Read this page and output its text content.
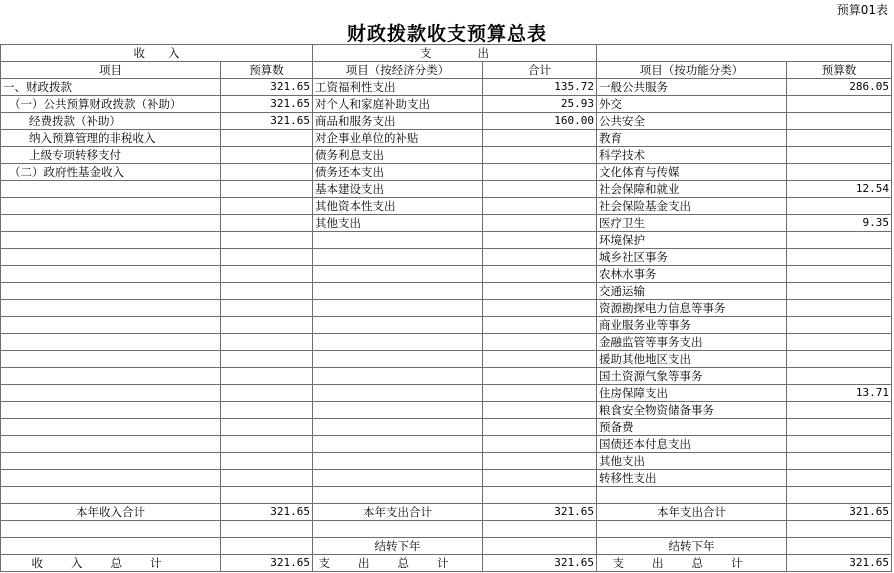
预算01表
财政拨款收支预算总表
收　　入		支　　　　出			
项目	预算数	项目（按经济分类）	合计	项目（按功能分类）	预算数
一、财政拨款	321.65	工资福利性支出	135.72	一般公共服务	286.05
（一）公共预算财政拨款（补助）	321.65	对个人和家庭补助支出	25.93	外交	
经费拨款（补助）	321.65	商品和服务支出	160.00	公共安全	
纳入预算管理的非税收入		对企事业单位的补贴		教育	
上级专项转移支付		债务利息支出		科学技术	
（二）政府性基金收入		债务还本支出		文化体育与传媒	
		基本建设支出		社会保障和就业	12.54
		其他资本性支出		社会保险基金支出	
		其他支出		医疗卫生	9.35
				环境保护	
				城乡社区事务	
				农林水事务	
				交通运输	
				资源勘探电力信息等事务	
				商业服务业等事务	
				金融监管等事务支出	
				援助其他地区支出	
				国土资源气象等事务	
				住房保障支出	13.71
				粮食安全物资储备事务	
				预备费	
				国债还本付息支出	
				其他支出	
				转移性支出	

本年收入合计	321.65	本年支出合计	321.65	本年支出合计	321.65

		结转下年		结转下年	
收入总计	321.65	支出总计	321.65	支出总计	321.65
